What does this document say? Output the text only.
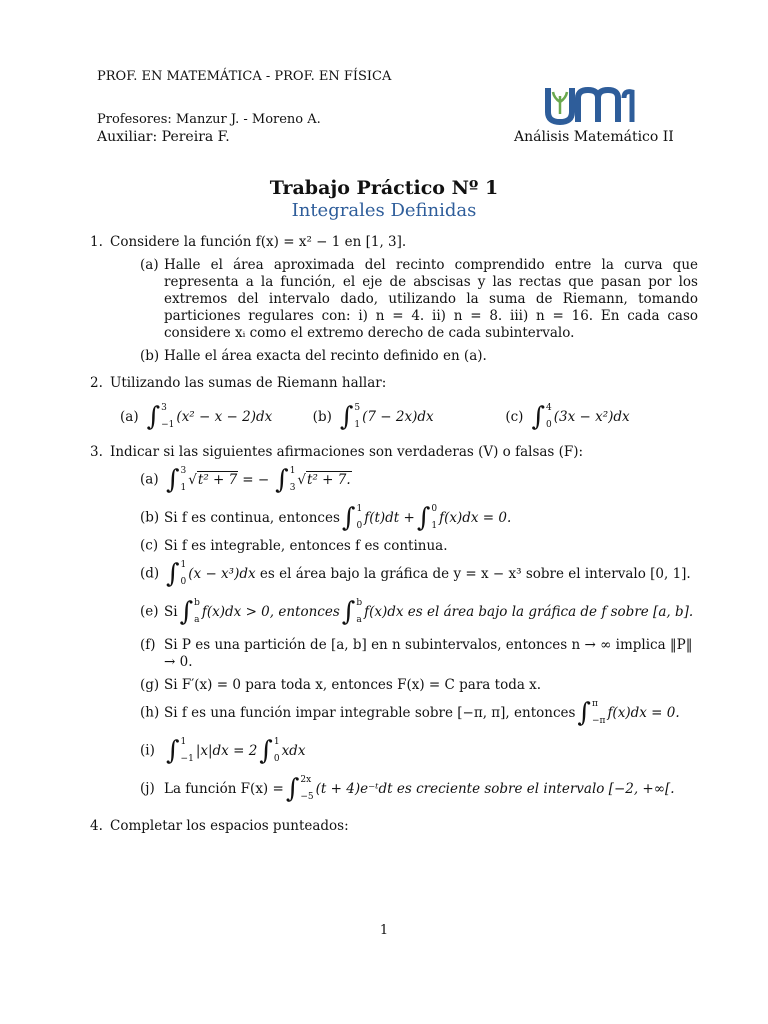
PROF. EN MATEMÁTICA - PROF. EN FÍSICA
Profesores: Manzur J. - Moreno A.
Auxiliar: Pereira F.	Análisis Matemático II
Trabajo Práctico Nº 1
Integrales Definidas
1. Considere la función f(x) = x² − 1 en [1, 3].
(a) Halle el área aproximada del recinto comprendido entre la curva que representa a la función, el eje de abscisas y las rectas que pasan por los extremos del intervalo dado, utilizando la suma de Riemann, tomando particiones regulares con: i) n = 4. ii) n = 8. iii) n = 16. En cada caso considere xᵢ como el extremo derecho de cada subintervalo.
(b) Halle el área exacta del recinto definido en (a).
2. Utilizando las sumas de Riemann hallar:
(a) ∫ 3
−1
(x² − x − 2)dx	(b) ∫ 5
1
(7 − 2x)dx	(c) ∫ 4
0
(3x − x²)dx
3. Indicar si las siguientes afirmaciones son verdaderas (V) o falsas (F):
(a) ∫ 3
1
√ t² + 7 = − ∫ 1
3
√ t² + 7.
(b) Si f es continua, entonces ∫ 1
0
f(t)dt + ∫ 0
1
f(x)dx = 0.
(c) Si f es integrable, entonces f es continua.
(d) ∫ 1
0
(x − x³)dx
es el área bajo la gráfica de y = x − x³ sobre el intervalo [0, 1].
(e) Si ∫ b
a
f(x)dx > 0, entonces ∫ b
a
f(x)dx es el área bajo la gráfica de f sobre [a, b].
(f) Si P es una partición de [a, b] en n subintervalos, entonces n → ∞ implica ‖P‖ → 0.
(g) Si F′(x) = 0 para toda x, entonces F(x) = C para toda x.
(h) Si f es una función impar integrable sobre [−π, π], entonces ∫ π
−π
f(x)dx = 0.
(i) ∫ 1
−1
|x|dx = 2 ∫ 1
0
xdx
(j) La función F(x) = ∫ 2x
−5
(t + 4)e⁻ᵗdt es creciente sobre el intervalo [−2, +∞[.
4. Completar los espacios punteados:
1
